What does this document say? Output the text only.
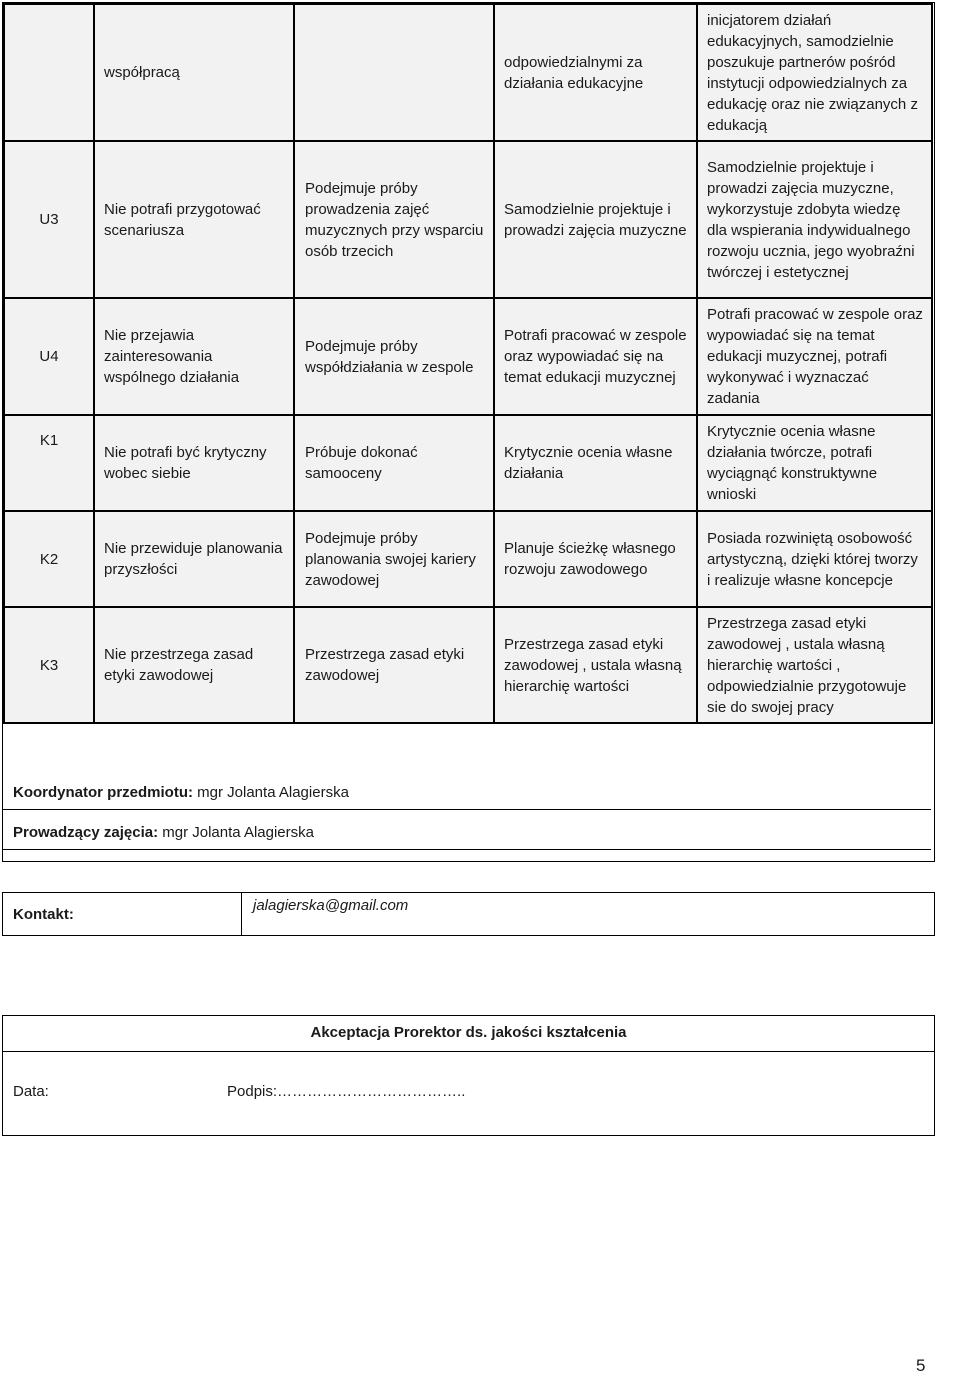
	współpracą		odpowiedzialnymi za działania edukacyjne	inicjatorem działań edukacyjnych, samodzielnie poszukuje partnerów pośród instytucji odpowiedzialnych za edukację oraz nie związanych z edukacją
U3	Nie potrafi przygotować scenariusza	Podejmuje próby prowadzenia zajęć muzycznych przy wsparciu osób trzecich	Samodzielnie projektuje i prowadzi zajęcia muzyczne	Samodzielnie projektuje i prowadzi zajęcia muzyczne, wykorzystuje zdobyta wiedzę dla wspierania indywidualnego rozwoju ucznia, jego wyobraźni twórczej i estetycznej
U4	Nie przejawia zainteresowania wspólnego działania	Podejmuje próby współdziałania w zespole	Potrafi pracować w zespole oraz wypowiadać się na temat edukacji muzycznej	Potrafi pracować w zespole oraz wypowiadać się na temat edukacji muzycznej, potrafi wykonywać i wyznaczać zadania
K1	Nie potrafi być krytyczny wobec siebie	Próbuje dokonać samooceny	Krytycznie ocenia własne działania	Krytycznie ocenia własne działania twórcze, potrafi wyciągnąć konstruktywne wnioski
K2	Nie przewiduje planowania przyszłości	Podejmuje próby planowania swojej kariery zawodowej	Planuje ścieżkę własnego rozwoju zawodowego	Posiada rozwiniętą osobowość artystyczną, dzięki której tworzy i realizuje własne koncepcje
K3	Nie przestrzega zasad etyki zawodowej	Przestrzega zasad etyki zawodowej	Przestrzega zasad etyki zawodowej , ustala własną hierarchię wartości	Przestrzega zasad etyki zawodowej , ustala własną hierarchię wartości , odpowiedzialnie przygotowuje sie do swojej pracy
Koordynator przedmiotu: mgr Jolanta Alagierska
Prowadzący zajęcia: mgr Jolanta Alagierska
Kontakt:
jalagierska@gmail.com
Akceptacja Prorektor ds. jakości kształcenia
Data:	Podpis:………………………………..
5
